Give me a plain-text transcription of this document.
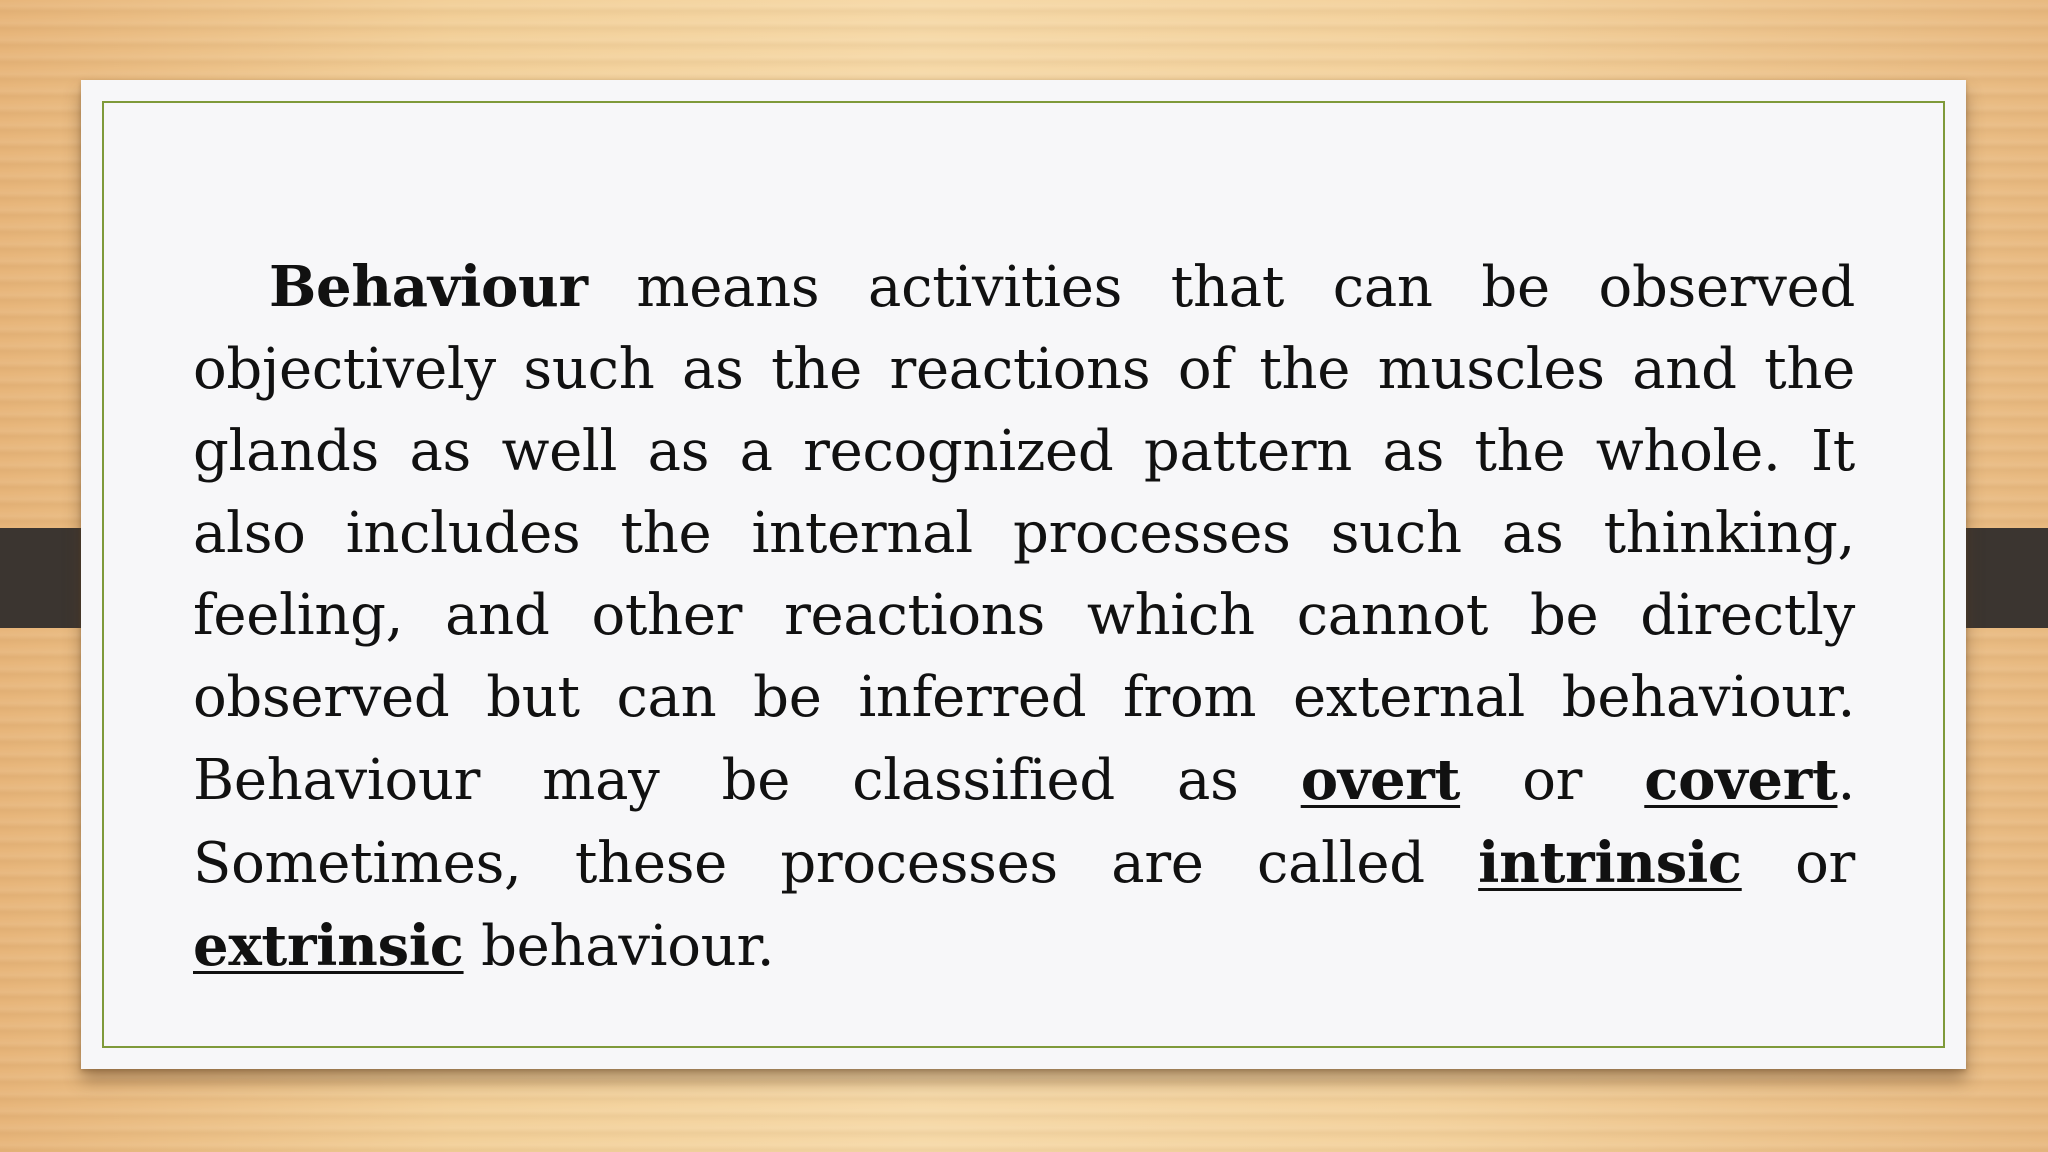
Behaviour means activities that can be observed objectively such as the reactions of the muscles and the glands as well as a recognized pattern as the whole. It also includes the internal processes such as thinking, feeling, and other reactions which cannot be directly observed but can be inferred from external behaviour. Behaviour may be classified as overt or covert. Sometimes, these processes are called intrinsic or extrinsic behaviour.
